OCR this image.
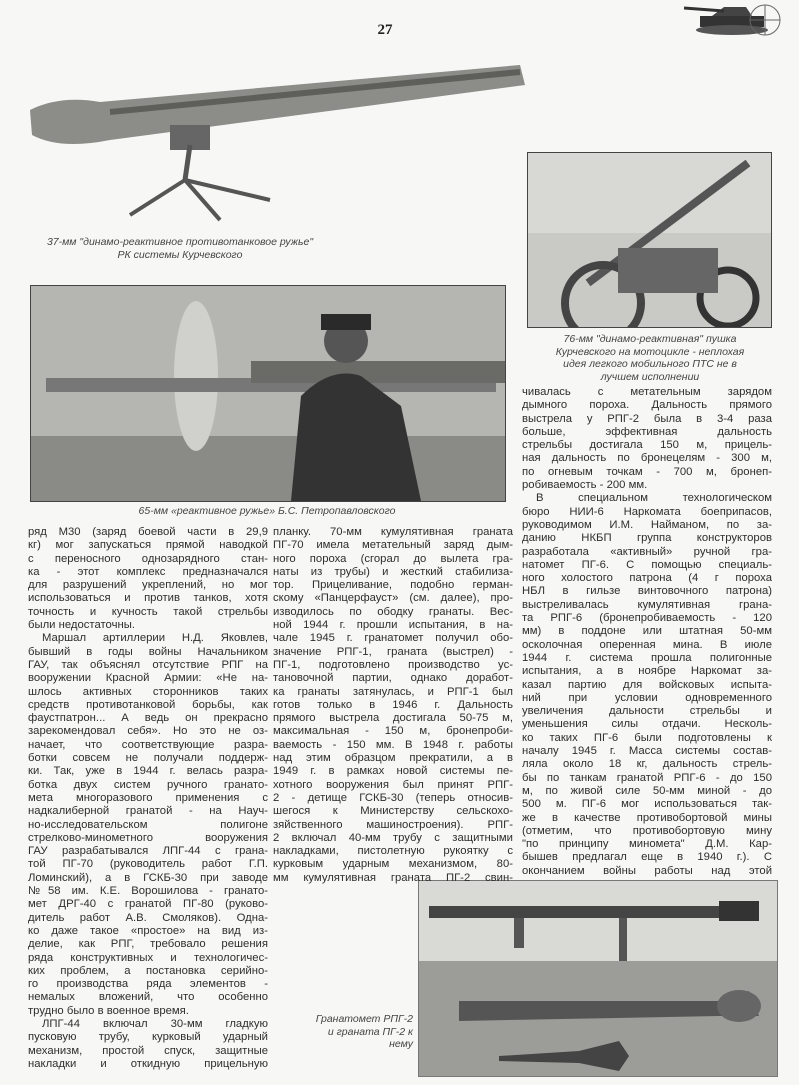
27
37-мм "динамо-реактивное противотанковое ружье"
РК системы Курчевского
76-мм "динамо-реактивная" пушка
Курчевского на мотоцикле - неплохая
идея легкого мобильного ПТС не в
лучшем исполнении
65-мм «реактивное ружье» Б.С. Петропавловского
Гранатомет РПГ-2
и граната ПГ-2 к
нему
ряд М30 (заряд боевой части в 29,9
кг) мог запускаться прямой наводкой
с переносного однозарядного стан-
ка - этот комплекс предназначался
для разрушений укреплений, но мог
использоваться и против танков, хотя
точность и кучность такой стрельбы
были недостаточны.
Маршал артиллерии Н.Д. Яковлев,
бывший в годы войны Начальником
ГАУ, так объяснял отсутствие РПГ на
вооружении Красной Армии: «Не на-
шлось активных сторонников таких
средств противотанковой борьбы, как
фаустпатрон... А ведь он прекрасно
зарекомендовал себя». Но это не оз-
начает, что соответствующие разра-
ботки совсем не получали поддерж-
ки. Так, уже в 1944 г. велась разра-
ботка двух систем ручного гранато-
мета многоразового применения с
надкалиберной гранатой - на Науч-
но-исследовательском полигоне
стрелково-минометного вооружения
ГАУ разрабатывался ЛПГ-44 с грана-
той ПГ-70 (руководитель работ Г.П.
Ломинский), а в ГСКБ-30 при заводе
№58 им. К.Е. Ворошилова - гранато-
мет ДРГ-40 с гранатой ПГ-80 (руково-
дитель работ А.В. Смоляков). Одна-
ко даже такое «простое» на вид из-
делие, как РПГ, требовало решения
ряда конструктивных и технологичес-
ких проблем, а постановка серийно-
го производства ряда элементов -
немалых вложений, что особенно
трудно было в военное время.
ЛПГ-44 включал 30-мм гладкую
пусковую трубу, курковый ударный
механизм, простой спуск, защитные
накладки и откидную прицельную
планку. 70-мм кумулятивная граната
ПГ-70 имела метательный заряд дым-
ного пороха (сгорал до вылета гра-
наты из трубы) и жесткий стабилиза-
тор. Прицеливание, подобно герман-
скому «Панцерфауст» (см. далее), про-
изводилось по ободку гранаты. Вес-
ной 1944 г. прошли испытания, в на-
чале 1945 г. гранатомет получил обо-
значение РПГ-1, граната (выстрел) -
ПГ-1, подготовлено производство ус-
тановочной партии, однако доработ-
ка гранаты затянулась, и РПГ-1 был
готов только в 1946 г. Дальность
прямого выстрела достигала 50-75 м,
максимальная - 150 м, бронепроби-
ваемость - 150 мм. В 1948 г. работы
над этим образцом прекратили, а в
1949 г. в рамках новой системы пе-
хотного вооружения был принят РПГ-
2 - детище ГСКБ-30 (теперь относив-
шегося к Министерству сельскохо-
зяйственного машиностроения). РПГ-
2 включал 40-мм трубу с защитными
накладками, пистолетную рукоятку с
курковым ударным механизмом, 80-
мм кумулятивная граната ПГ-2 свин-
чивалась с метательным зарядом
дымного пороха. Дальность прямого
выстрела у РПГ-2 была в 3-4 раза
больше, эффективная дальность
стрельбы достигала 150 м, прицель-
ная дальность по бронецелям - 300 м,
по огневым точкам - 700 м, бронеп-
робиваемость - 200 мм.
В специальном технологическом
бюро НИИ-6 Наркомата боеприпасов,
руководимом И.М. Найманом, по за-
данию НКБП группа конструкторов
разработала «активный» ручной гра-
натомет ПГ-6. С помощью специаль-
ного холостого патрона (4 г пороха
НБЛ в гильзе винтовочного патрона)
выстреливалась кумулятивная грана-
та РПГ-6 (бронепробиваемость - 120
мм) в поддоне или штатная 50-мм
осколочная оперенная мина. В июле
1944 г. система прошла полигонные
испытания, а в ноябре Наркомат за-
казал партию для войсковых испыта-
ний при условии одновременного
увеличения дальности стрельбы и
уменьшения силы отдачи. Несколь-
ко таких ПГ-6 были подготовлены к
началу 1945 г. Масса системы состав-
ляла около 18 кг, дальность стрель-
бы по танкам гранатой РПГ-6 - до 150
м, по живой силе 50-мм миной - до
500 м. ПГ-6 мог использоваться так-
же в качестве противобортовой мины
(отметим, что противобортовую мину
"по принципу миномета" Д.М. Кар-
бышев предлагал еще в 1940 г.). С
окончанием войны работы над этой
